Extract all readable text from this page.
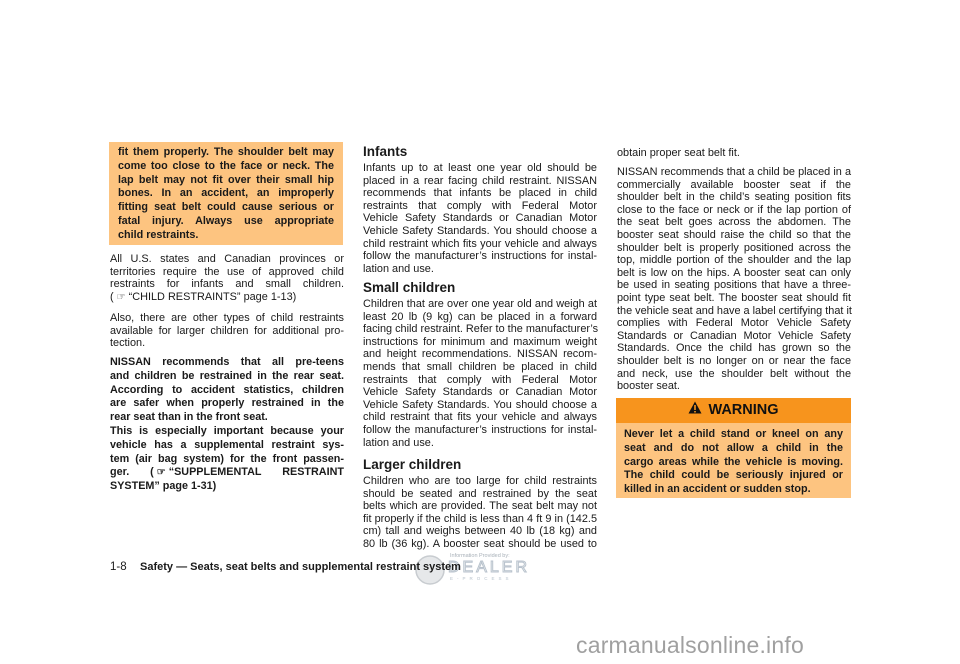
fit them properly. The shoulder belt may
come too close to the face or neck. The
lap belt may not fit over their small hip
bones. In an accident, an improperly
fitting seat belt could cause serious or
fatal injury. Always use appropriate
child restraints.
All U.S. states and Canadian provinces or
territories require the use of approved child
restraints for infants and small children.
( ☞ “CHILD RESTRAINTS” page 1-13)
Also, there are other types of child restraints
available for larger children for additional pro-
tection.
NISSAN recommends that all pre-teens
and children be restrained in the rear seat.
According to accident statistics, children
are safer when properly restrained in the
rear seat than in the front seat.
This is especially important because your
vehicle has a supplemental restraint sys-
tem (air bag system) for the front passen-
ger. ( ☞ “SUPPLEMENTAL RESTRAINT
SYSTEM” page 1-31)
Infants
Infants up to at least one year old should be
placed in a rear facing child restraint. NISSAN
recommends that infants be placed in child
restraints that comply with Federal Motor
Vehicle Safety Standards or Canadian Motor
Vehicle Safety Standards. You should choose a
child restraint which fits your vehicle and always
follow the manufacturer’s instructions for instal-
lation and use.
Small children
Children that are over one year old and weigh at
least 20 lb (9 kg) can be placed in a forward
facing child restraint. Refer to the manufacturer’s
instructions for minimum and maximum weight
and height recommendations. NISSAN recom-
mends that small children be placed in child
restraints that comply with Federal Motor
Vehicle Safety Standards or Canadian Motor
Vehicle Safety Standards. You should choose a
child restraint that fits your vehicle and always
follow the manufacturer’s instructions for instal-
lation and use.
Larger children
Children who are too large for child restraints
should be seated and restrained by the seat
belts which are provided. The seat belt may not
fit properly if the child is less than 4 ft 9 in (142.5
cm) tall and weighs between 40 lb (18 kg) and
80 lb (36 kg). A booster seat should be used to
obtain proper seat belt fit.
NISSAN recommends that a child be placed in a
commercially available booster seat if the
shoulder belt in the child’s seating position fits
close to the face or neck or if the lap portion of
the seat belt goes across the abdomen. The
booster seat should raise the child so that the
shoulder belt is properly positioned across the
top, middle portion of the shoulder and the lap
belt is low on the hips. A booster seat can only
be used in seating positions that have a three-
point type seat belt. The booster seat should fit
the vehicle seat and have a label certifying that it
complies with Federal Motor Vehicle Safety
Standards or Canadian Motor Vehicle Safety
Standards. Once the child has grown so the
shoulder belt is no longer on or near the face
and neck, use the shoulder belt without the
booster seat.
WARNING
Never let a child stand or kneel on any
seat and do not allow a child in the
cargo areas while the vehicle is moving.
The child could be seriously injured or
killed in an accident or sudden stop.
Information Provided by:
DEALER
E-PROCESS
1-8 Safety — Seats, seat belts and supplemental restraint system
carmanualsonline.info
